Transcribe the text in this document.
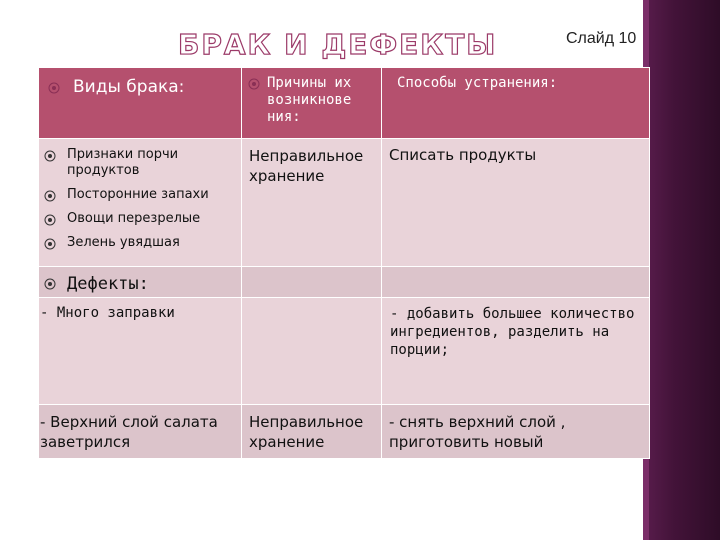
Слайд 10
БРАК И ДЕФЕКТЫ
Виды брака:	Причины их возникнове ния:	Способы устранения:

Признаки порчи продуктов
Посторонние запахи
Овощи перезрелые
Зелень увядшая	Неправильное хранение	Списать продукты

Дефекты:		

- Много заправки		- добавить большее количество ингредиентов, разделить на порции;

- Верхний слой салата заветрился	Неправильное хранение	- снять верхний слой , приготовить новый
